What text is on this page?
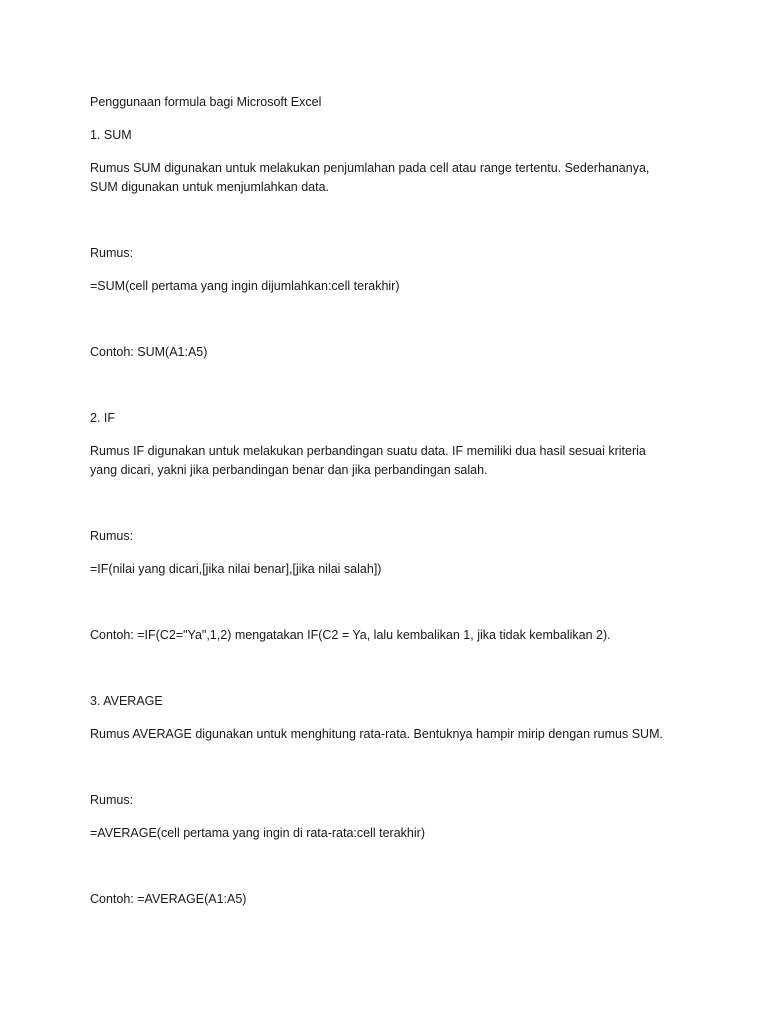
Penggunaan formula bagi Microsoft Excel

1. SUM

Rumus SUM digunakan untuk melakukan penjumlahan pada cell atau range tertentu. Sederhananya,

SUM digunakan untuk menjumlahkan data.

Rumus:

=SUM(cell pertama yang ingin dijumlahkan:cell terakhir)

Contoh: SUM(A1:A5)

2. IF

Rumus IF digunakan untuk melakukan perbandingan suatu data. IF memiliki dua hasil sesuai kriteria

yang dicari, yakni jika perbandingan benar dan jika perbandingan salah.

Rumus:

=IF(nilai yang dicari,[jika nilai benar],[jika nilai salah])

Contoh: =IF(C2="Ya",1,2) mengatakan IF(C2 = Ya, lalu kembalikan 1, jika tidak kembalikan 2).

3. AVERAGE

Rumus AVERAGE digunakan untuk menghitung rata-rata. Bentuknya hampir mirip dengan rumus SUM.

Rumus:

=AVERAGE(cell pertama yang ingin di rata-rata:cell terakhir)

Contoh: =AVERAGE(A1:A5)
